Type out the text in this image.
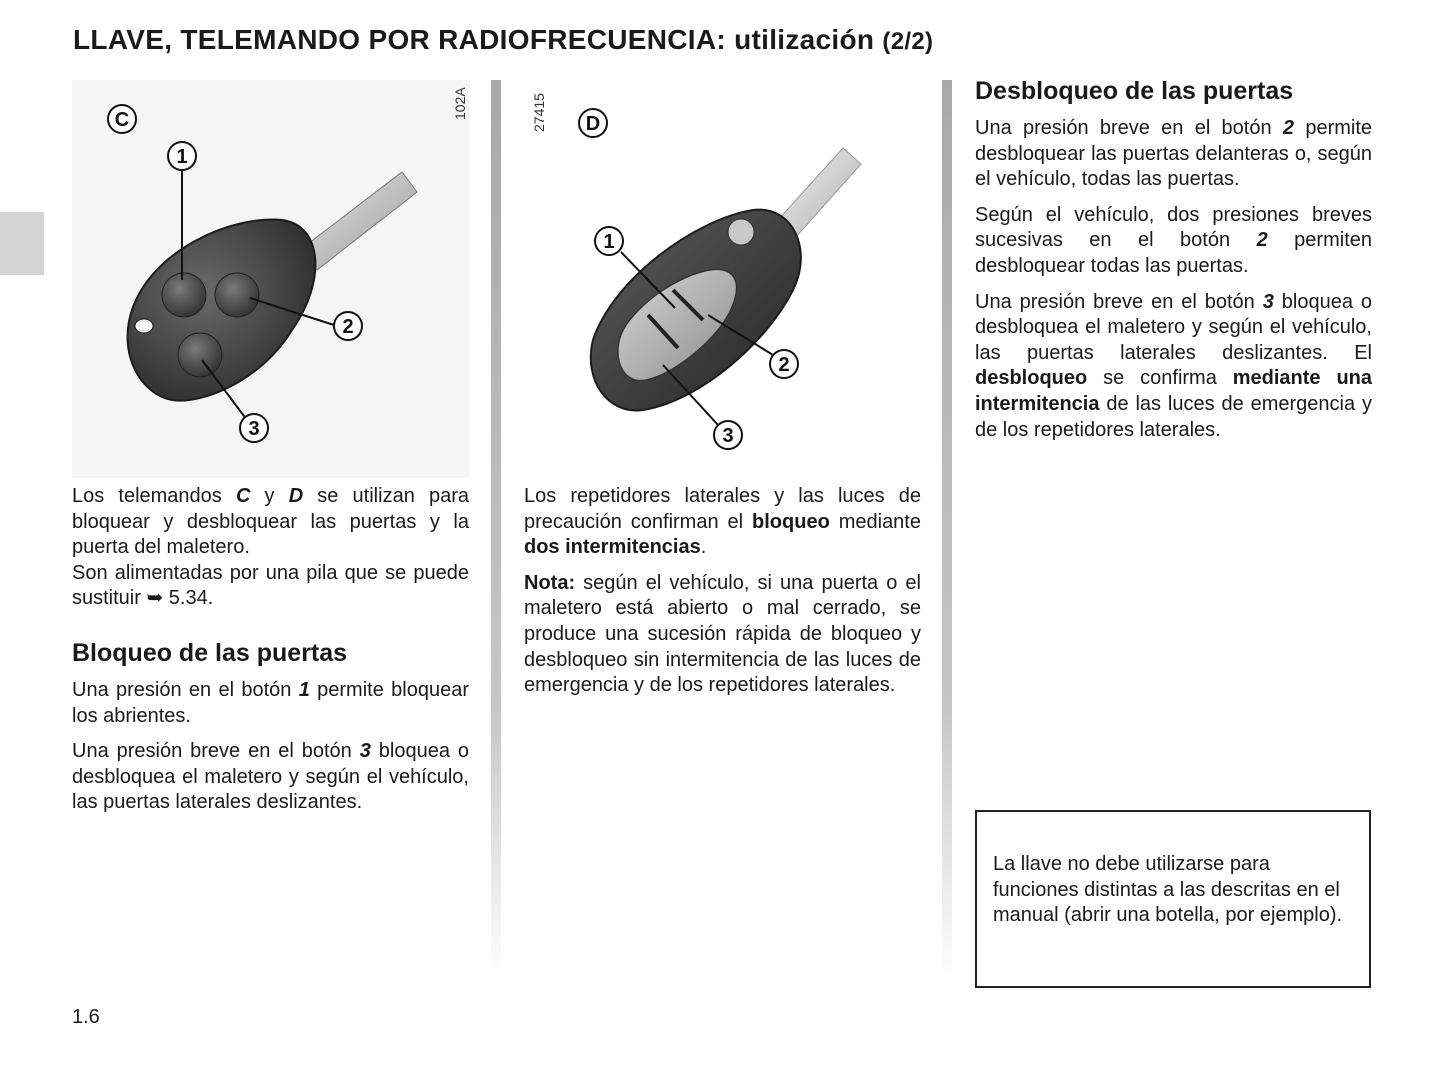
LLAVE, TELEMANDO POR RADIOFRECUENCIA: utilización (2/2)
C
1
2
3
102A
D
1
2
3
27415

Los telemandos C y D se utilizan para bloquear y desbloquear las puertas y la puerta del maletero.

Son alimentadas por una pila que se puede sustituir ➥ 5.34.

Bloqueo de las puertas

Una presión en el botón 1 permite bloquear los abrientes.

Una presión breve en el botón 3 bloquea o desbloquea el maletero y según el vehículo, las puertas laterales deslizantes.

Los repetidores laterales y las luces de precaución confirman el bloqueo mediante dos intermitencias.

Nota: según el vehículo, si una puerta o el maletero está abierto o mal cerrado, se produce una sucesión rápida de bloqueo y desbloqueo sin intermitencia de las luces de emergencia y de los repetidores laterales.

Desbloqueo de las puertas

Una presión breve en el botón 2 permite desbloquear las puertas delanteras o, según el vehículo, todas las puertas.

Según el vehículo, dos presiones breves sucesivas en el botón 2 permiten desbloquear todas las puertas.

Una presión breve en el botón 3 bloquea o desbloquea el maletero y según el vehículo, las puertas laterales deslizantes. El desbloqueo se confirma mediante una intermitencia de las luces de emergencia y de los repetidores laterales.

La llave no debe utilizarse para funciones distintas a las descritas en el manual (abrir una botella, por ejemplo).

1.6
